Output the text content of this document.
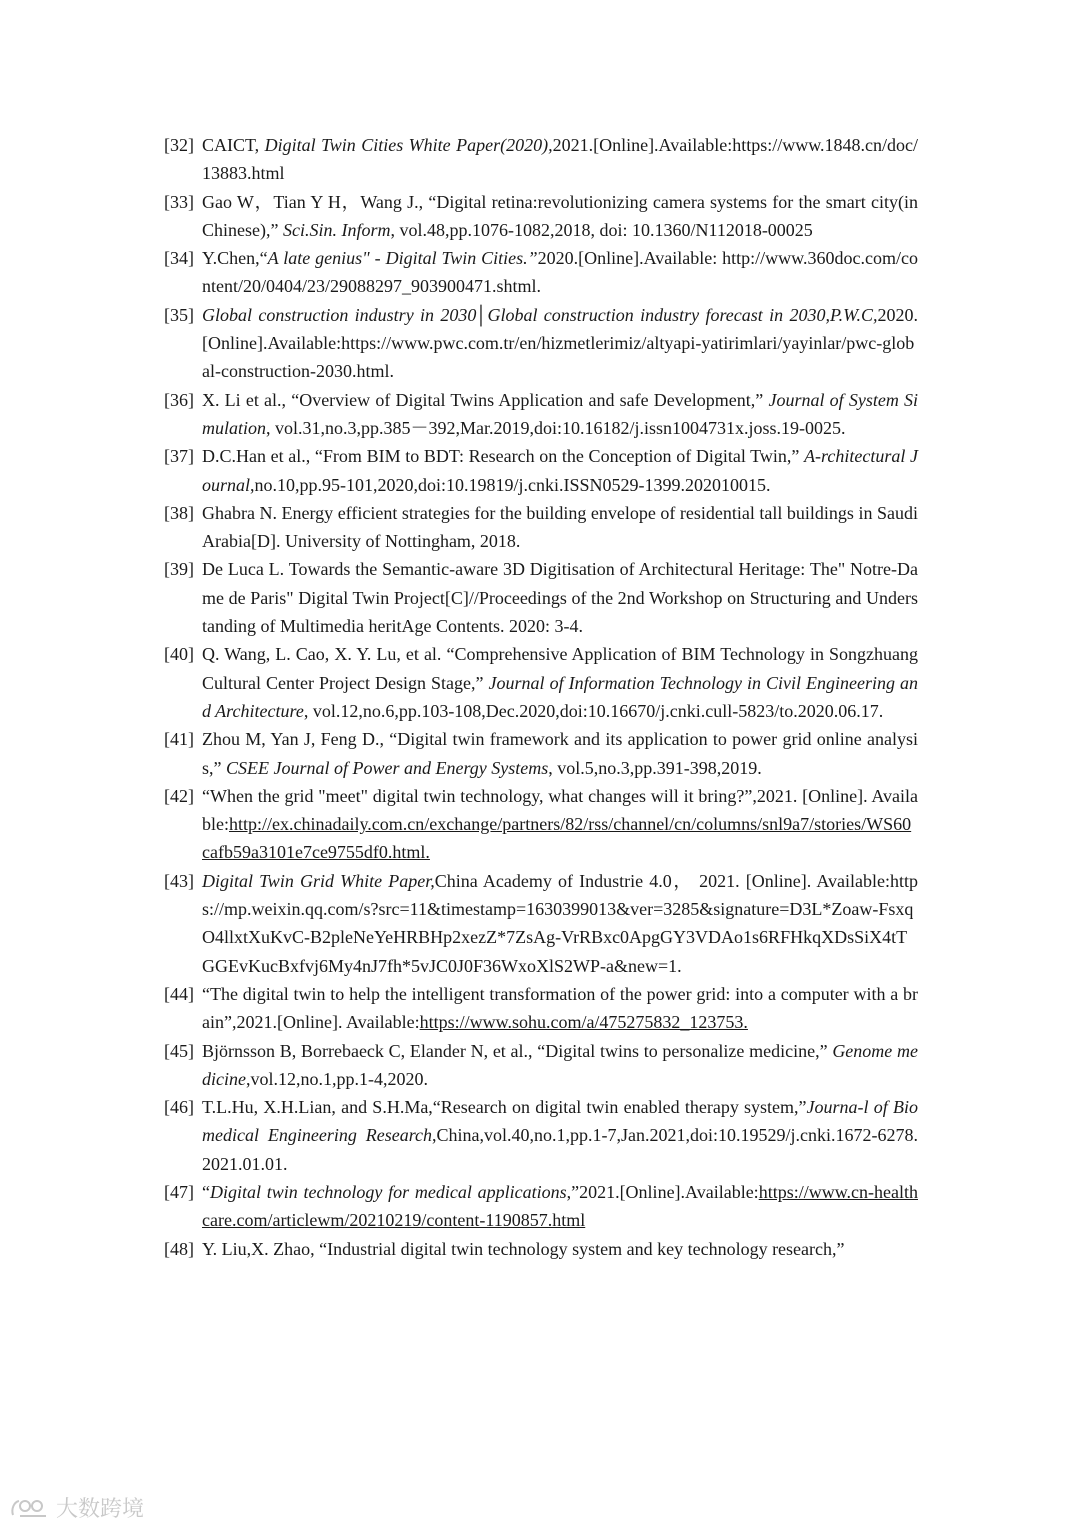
[32] CAICT, Digital Twin Cities White Paper(2020),2021.[Online].Available:https://www.1848.cn/doc/13883.html
[33] Gao W，Tian Y H，Wang J., “Digital retina:revolutionizing camera systems for the smart city(in Chinese),” Sci.Sin. Inform, vol.48,pp.1076-1082,2018, doi: 10.1360/N112018-00025
[34] Y.Chen,“A late genius" - Digital Twin Cities.”2020.[Online].Available: http://www.360doc.com/content/20/0404/23/29088297_903900471.shtml.
[35] Global construction industry in 2030│Global construction industry forecast in 2030,P.W.C,2020.[Online].Available:https://www.pwc.com.tr/en/hizmetlerimiz/altyapi-yatirimlari/yayinlar/pwc-global-construction-2030.html.
[36] X. Li et al., “Overview of Digital Twins Application and safe Development,” Journal of System Simulation, vol.31,no.3,pp.385－392,Mar.2019,doi:10.16182/j.issn1004731x.joss.19-0025.
[37] D.C.Han et al., “From BIM to BDT: Research on the Conception of Digital Twin,” A-rchitectural Journal,no.10,pp.95-101,2020,doi:10.19819/j.cnki.ISSN0529-1399.202010015.
[38] Ghabra N. Energy efficient strategies for the building envelope of residential tall buildings in Saudi Arabia[D]. University of Nottingham, 2018.
[39] De Luca L. Towards the Semantic-aware 3D Digitisation of Architectural Heritage: The" Notre-Dame de Paris" Digital Twin Project[C]//Proceedings of the 2nd Workshop on Structuring and Understanding of Multimedia heritAge Contents. 2020: 3-4.
[40] Q. Wang, L. Cao, X. Y. Lu, et al. “Comprehensive Application of BIM Technology in Songzhuang Cultural Center Project Design Stage,” Journal of Information Technology in Civil Engineering and Architecture, vol.12,no.6,pp.103-108,Dec.2020,doi:10.16670/j.cnki.cull-5823/to.2020.06.17.
[41] Zhou M, Yan J, Feng D., “Digital twin framework and its application to power grid online analysis,” CSEE Journal of Power and Energy Systems, vol.5,no.3,pp.391-398,2019.
[42] “When the grid "meet" digital twin technology, what changes will it bring?”,2021. [Online]. Available:http://ex.chinadaily.com.cn/exchange/partners/82/rss/channel/cn/columns/snl9a7/stories/WS60cafb59a3101e7ce9755df0.html.
[43] Digital Twin Grid White Paper,China Academy of Industrie 4.0， 2021. [Online]. Available:https://mp.weixin.qq.com/s?src=11&timestamp=1630399013&ver=3285&signature=D3L*Zoaw-FsxqO4llxtXuKvC-B2pleNeYeHRBHp2xezZ*7ZsAg-VrRBxc0ApgGY3VDAo1s6RFHkqXDsSiX4tTGGEvKucBxfvj6My4nJ7fh*5vJC0J0F36WxoXlS2WP-a&new=1.
[44] “The digital twin to help the intelligent transformation of the power grid: into a computer with a brain”,2021.[Online]. Available:https://www.sohu.com/a/475275832_123753.
[45] Björnsson B, Borrebaeck C, Elander N, et al., “Digital twins to personalize medicine,” Genome medicine,vol.12,no.1,pp.1-4,2020.
[46] T.L.Hu, X.H.Lian, and S.H.Ma,“Research on digital twin enabled therapy system,”Journa-l of Biomedical Engineering Research,China,vol.40,no.1,pp.1-7,Jan.2021,doi:10.19529/j.cnki.1672-6278.2021.01.01.
[47] “Digital twin technology for medical applications,”2021.[Online].Available:https://www.cn-healthcare.com/articlewm/20210219/content-1190857.html
[48] Y. Liu,X. Zhao, “Industrial digital twin technology system and key technology research,”
大数跨境
